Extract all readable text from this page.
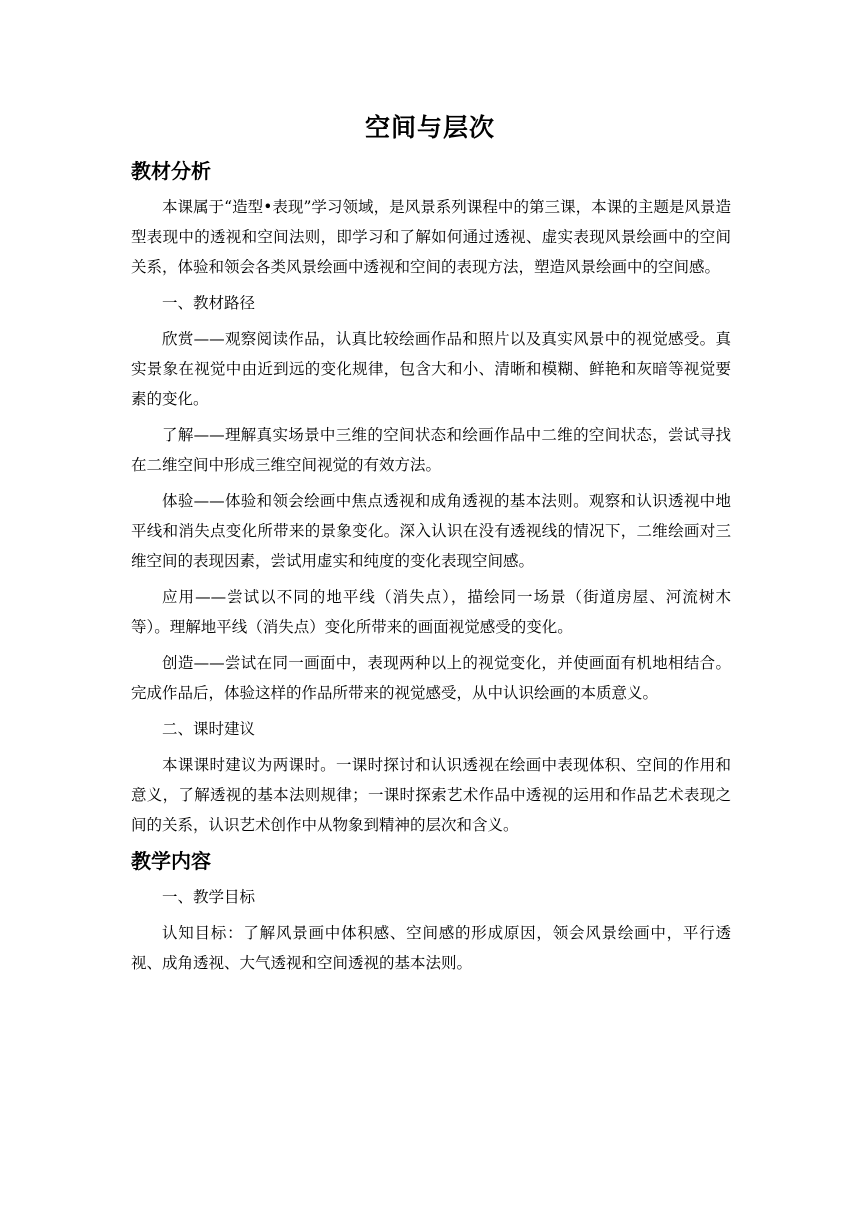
空间与层次
教材分析

本课属于“造型•表现”学习领域，是风景系列课程中的第三课，本课的主题是风景造型表现中的透视和空间法则，即学习和了解如何通过透视、虚实表现风景绘画中的空间关系，体验和领会各类风景绘画中透视和空间的表现方法，塑造风景绘画中的空间感。

一、教材路径

欣赏——观察阅读作品，认真比较绘画作品和照片以及真实风景中的视觉感受。真实景象在视觉中由近到远的变化规律，包含大和小、清晰和模糊、鲜艳和灰暗等视觉要素的变化。

了解——理解真实场景中三维的空间状态和绘画作品中二维的空间状态，尝试寻找在二维空间中形成三维空间视觉的有效方法。

体验——体验和领会绘画中焦点透视和成角透视的基本法则。观察和认识透视中地平线和消失点变化所带来的景象变化。深入认识在没有透视线的情况下，二维绘画对三维空间的表现因素，尝试用虚实和纯度的变化表现空间感。

应用——尝试以不同的地平线（消失点），描绘同一场景（街道房屋、河流树木等）。理解地平线（消失点）变化所带来的画面视觉感受的变化。

创造——尝试在同一画面中，表现两种以上的视觉变化，并使画面有机地相结合。完成作品后，体验这样的作品所带来的视觉感受，从中认识绘画的本质意义。

二、课时建议

本课课时建议为两课时。一课时探讨和认识透视在绘画中表现体积、空间的作用和意义，了解透视的基本法则规律；一课时探索艺术作品中透视的运用和作品艺术表现之间的关系，认识艺术创作中从物象到精神的层次和含义。

教学内容

一、教学目标

认知目标：了解风景画中体积感、空间感的形成原因，领会风景绘画中，平行透视、成角透视、大气透视和空间透视的基本法则。
